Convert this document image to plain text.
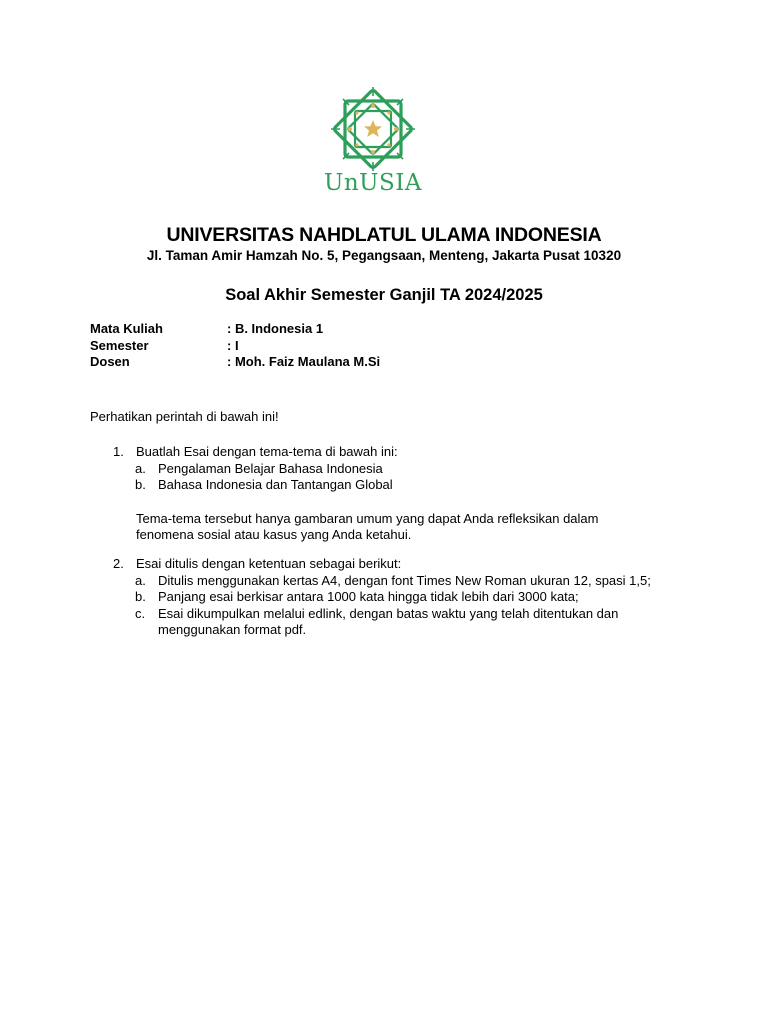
UnUSIA
UNIVERSITAS NAHDLATUL ULAMA INDONESIA
Jl. Taman Amir Hamzah No. 5, Pegangsaan, Menteng, Jakarta Pusat 10320
Soal Akhir Semester Ganjil TA 2024/2025
Mata Kuliah	: B. Indonesia 1
Semester	: I
Dosen	: Moh. Faiz Maulana M.Si

Perhatikan perintah di bawah ini!

1. Buatlah Esai dengan tema-tema di bawah ini:
a. Pengalaman Belajar Bahasa Indonesia
b. Bahasa Indonesia dan Tantangan Global
Tema-tema tersebut hanya gambaran umum yang dapat Anda refleksikan dalam fenomena sosial atau kasus yang Anda ketahui.
2. Esai ditulis dengan ketentuan sebagai berikut:
a. Ditulis menggunakan kertas A4, dengan font Times New Roman ukuran 12, spasi 1,5;
b. Panjang esai berkisar antara 1000 kata hingga tidak lebih dari 3000 kata;
c. Esai dikumpulkan melalui edlink, dengan batas waktu yang telah ditentukan dan menggunakan format pdf.
